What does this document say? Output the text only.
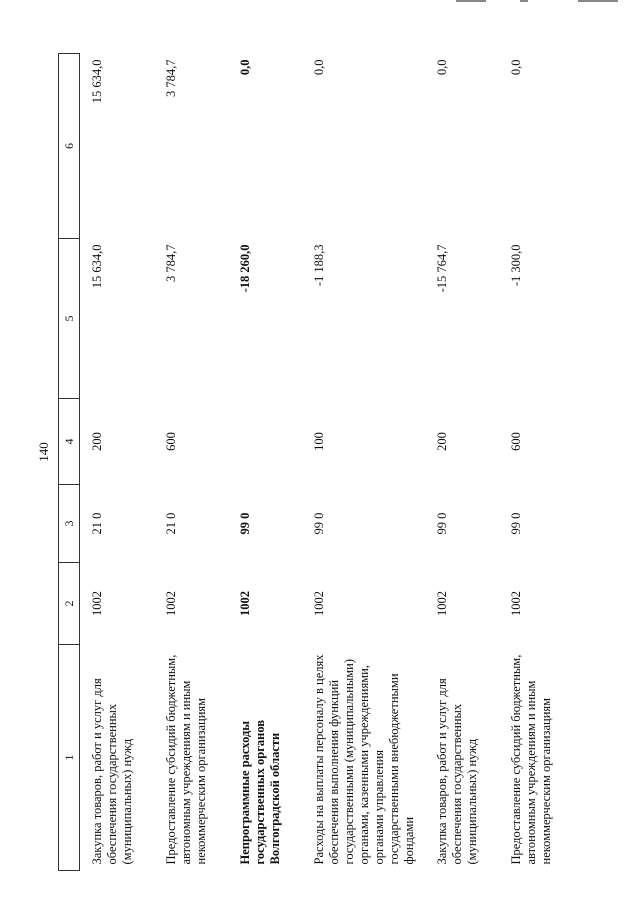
140
1	2	3	4	5	6
Закупка товаров, работ и услуг для обеспечения государственных (муниципальных) нужд	1002	21 0	200	15 634,0	15 634,0
Предоставление субсидий бюджетным, автономным учреждениям и иным некоммерческим организациям	1002	21 0	600	3 784,7	3 784,7
Непрограммные расходы государственных органов Волгоградской области	1002	99 0		-18 260,0	0,0
Расходы на выплаты персоналу в целях обеспечения выполнения функций государственными (муниципальными) органами, казенными учреждениями, органами управления государственными внебюджетными фондами	1002	99 0	100	-1 188,3	0,0
Закупка товаров, работ и услуг для обеспечения государственных (муниципальных) нужд	1002	99 0	200	-15 764,7	0,0
Предоставление субсидий бюджетным, автономным учреждениям и иным некоммерческим организациям	1002	99 0	600	-1 300,0	0,0
